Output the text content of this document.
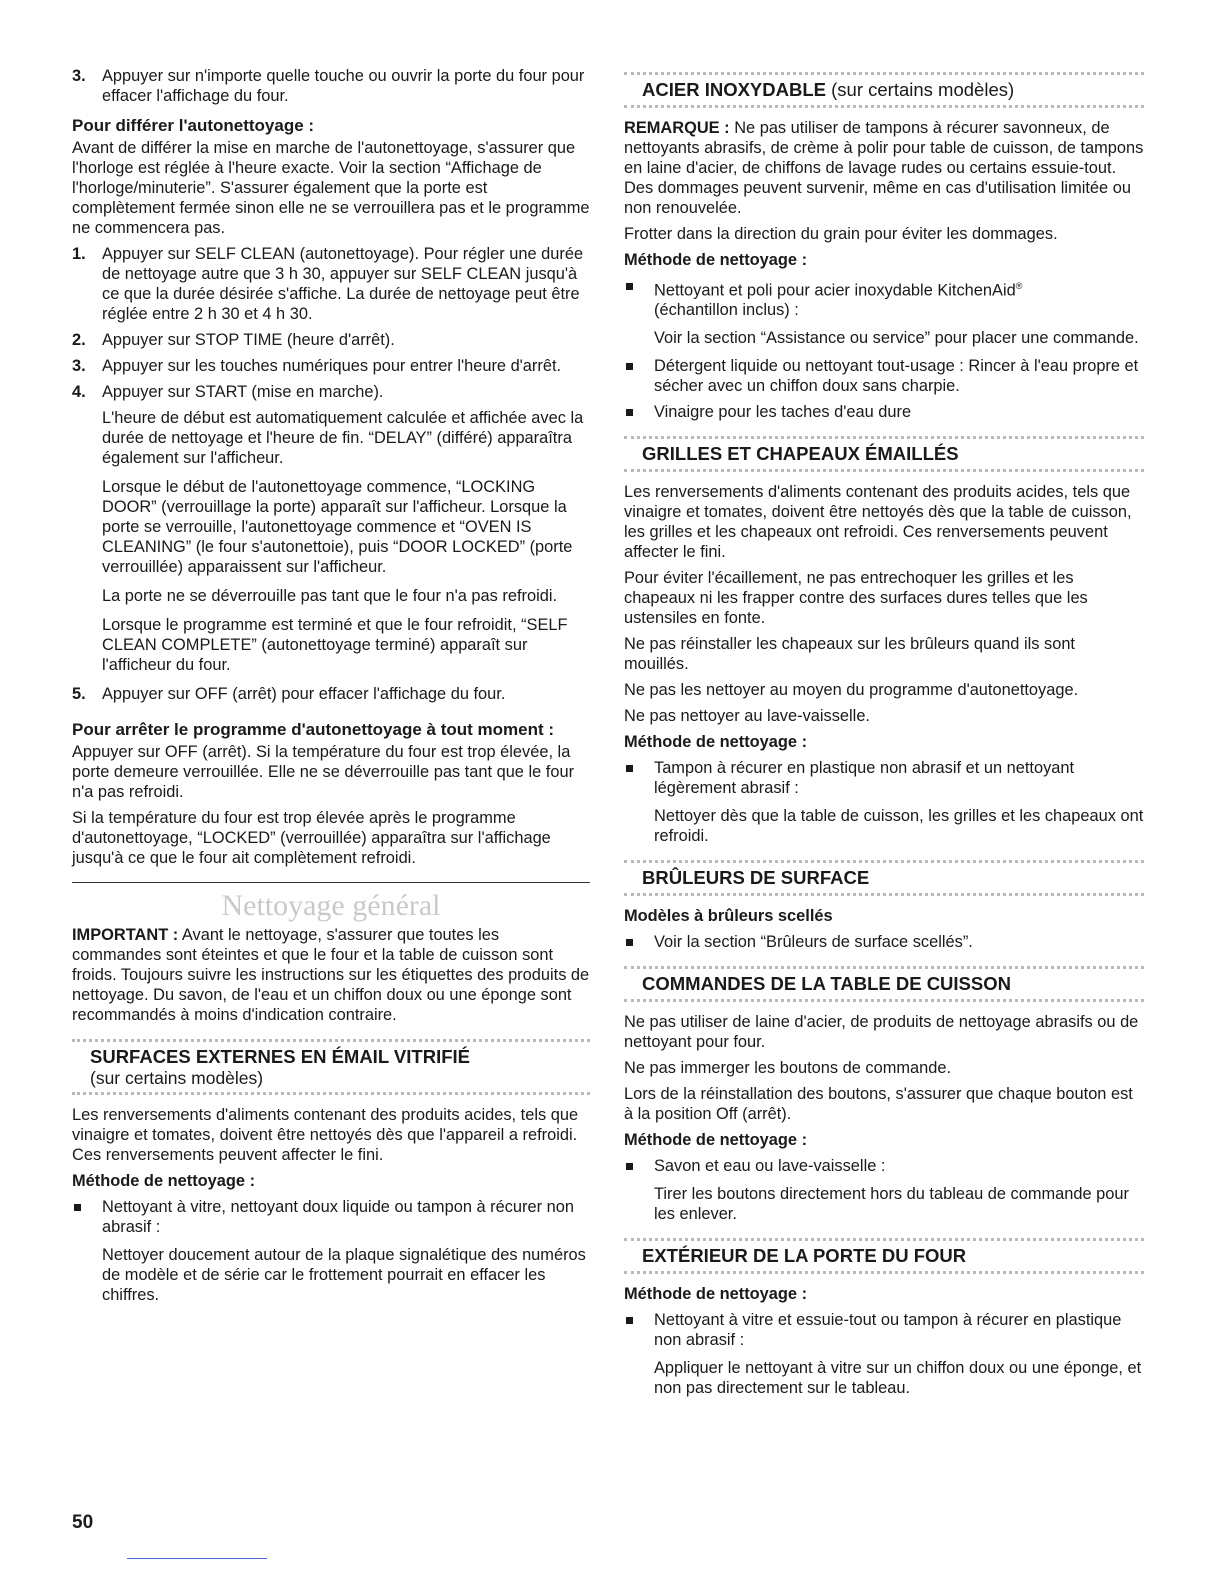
3. Appuyer sur n'importe quelle touche ou ouvrir la porte du four pour effacer l'affichage du four.
Pour différer l'autonettoyage :

Avant de différer la mise en marche de l'autonettoyage, s'assurer que l'horloge est réglée à l'heure exacte. Voir la section “Affichage de l'horloge/minuterie”. S'assurer également que la porte est complètement fermée sinon elle ne se verrouillera pas et le programme ne commencera pas.

1. Appuyer sur SELF CLEAN (autonettoyage). Pour régler une durée de nettoyage autre que 3 h 30, appuyer sur SELF CLEAN jusqu'à ce que la durée désirée s'affiche. La durée de nettoyage peut être réglée entre 2 h 30 et 4 h 30.
2. Appuyer sur STOP TIME (heure d'arrêt).
3. Appuyer sur les touches numériques pour entrer l'heure d'arrêt.
4. Appuyer sur START (mise en marche).

L'heure de début est automatiquement calculée et affichée avec la durée de nettoyage et l'heure de fin. “DELAY” (différé) apparaîtra également sur l'afficheur.

Lorsque le début de l'autonettoyage commence, “LOCKING DOOR” (verrouillage la porte) apparaît sur l'afficheur. Lorsque la porte se verrouille, l'autonettoyage commence et “OVEN IS CLEANING” (le four s'autonettoie), puis “DOOR LOCKED” (porte verrouillée) apparaissent sur l'afficheur.

La porte ne se déverrouille pas tant que le four n'a pas refroidi.

Lorsque le programme est terminé et que le four refroidit, “SELF CLEAN COMPLETE” (autonettoyage terminé) apparaît sur l'afficheur du four.

5. Appuyer sur OFF (arrêt) pour effacer l'affichage du four.
Pour arrêter le programme d'autonettoyage à tout moment :

Appuyer sur OFF (arrêt). Si la température du four est trop élevée, la porte demeure verrouillée. Elle ne se déverrouille pas tant que le four n'a pas refroidi.

Si la température du four est trop élevée après le programme d'autonettoyage, “LOCKED” (verrouillée) apparaîtra sur l'affichage jusqu'à ce que le four ait complètement refroidi.

Nettoyage général

IMPORTANT : Avant le nettoyage, s'assurer que toutes les commandes sont éteintes et que le four et la table de cuisson sont froids. Toujours suivre les instructions sur les étiquettes des produits de nettoyage. Du savon, de l'eau et un chiffon doux ou une éponge sont recommandés à moins d'indication contraire.

SURFACES EXTERNES EN ÉMAIL VITRIFIÉ
(sur certains modèles)

Les renversements d'aliments contenant des produits acides, tels que vinaigre et tomates, doivent être nettoyés dès que l'appareil a refroidi. Ces renversements peuvent affecter le fini.

Méthode de nettoyage :
Nettoyant à vitre, nettoyant doux liquide ou tampon à récurer non abrasif :

Nettoyer doucement autour de la plaque signalétique des numéros de modèle et de série car le frottement pourrait en effacer les chiffres.

ACIER INOXYDABLE (sur certains modèles)

REMARQUE : Ne pas utiliser de tampons à récurer savonneux, de nettoyants abrasifs, de crème à polir pour table de cuisson, de tampons en laine d'acier, de chiffons de lavage rudes ou certains essuie-tout. Des dommages peuvent survenir, même en cas d'utilisation limitée ou non renouvelée.

Frotter dans la direction du grain pour éviter les dommages.

Méthode de nettoyage :
Nettoyant et poli pour acier inoxydable KitchenAid®
(échantillon inclus) :

Voir la section “Assistance ou service” pour placer une commande.

Détergent liquide ou nettoyant tout-usage : Rincer à l'eau propre et sécher avec un chiffon doux sans charpie.
Vinaigre pour les taches d'eau dure
GRILLES ET CHAPEAUX ÉMAILLÉS

Les renversements d'aliments contenant des produits acides, tels que vinaigre et tomates, doivent être nettoyés dès que la table de cuisson, les grilles et les chapeaux ont refroidi. Ces renversements peuvent affecter le fini.

Pour éviter l'écaillement, ne pas entrechoquer les grilles et les chapeaux ni les frapper contre des surfaces dures telles que les ustensiles en fonte.

Ne pas réinstaller les chapeaux sur les brûleurs quand ils sont mouillés.

Ne pas les nettoyer au moyen du programme d'autonettoyage.

Ne pas nettoyer au lave-vaisselle.

Méthode de nettoyage :
Tampon à récurer en plastique non abrasif et un nettoyant légèrement abrasif :

Nettoyer dès que la table de cuisson, les grilles et les chapeaux ont refroidi.

BRÛLEURS DE SURFACE
Modèles à brûleurs scellés
Voir la section “Brûleurs de surface scellés”.
COMMANDES DE LA TABLE DE CUISSON

Ne pas utiliser de laine d'acier, de produits de nettoyage abrasifs ou de nettoyant pour four.

Ne pas immerger les boutons de commande.

Lors de la réinstallation des boutons, s'assurer que chaque bouton est à la position Off (arrêt).

Méthode de nettoyage :
Savon et eau ou lave-vaisselle :

Tirer les boutons directement hors du tableau de commande pour les enlever.

EXTÉRIEUR DE LA PORTE DU FOUR
Méthode de nettoyage :
Nettoyant à vitre et essuie-tout ou tampon à récurer en plastique non abrasif :

Appliquer le nettoyant à vitre sur un chiffon doux ou une éponge, et non pas directement sur le tableau.

50
